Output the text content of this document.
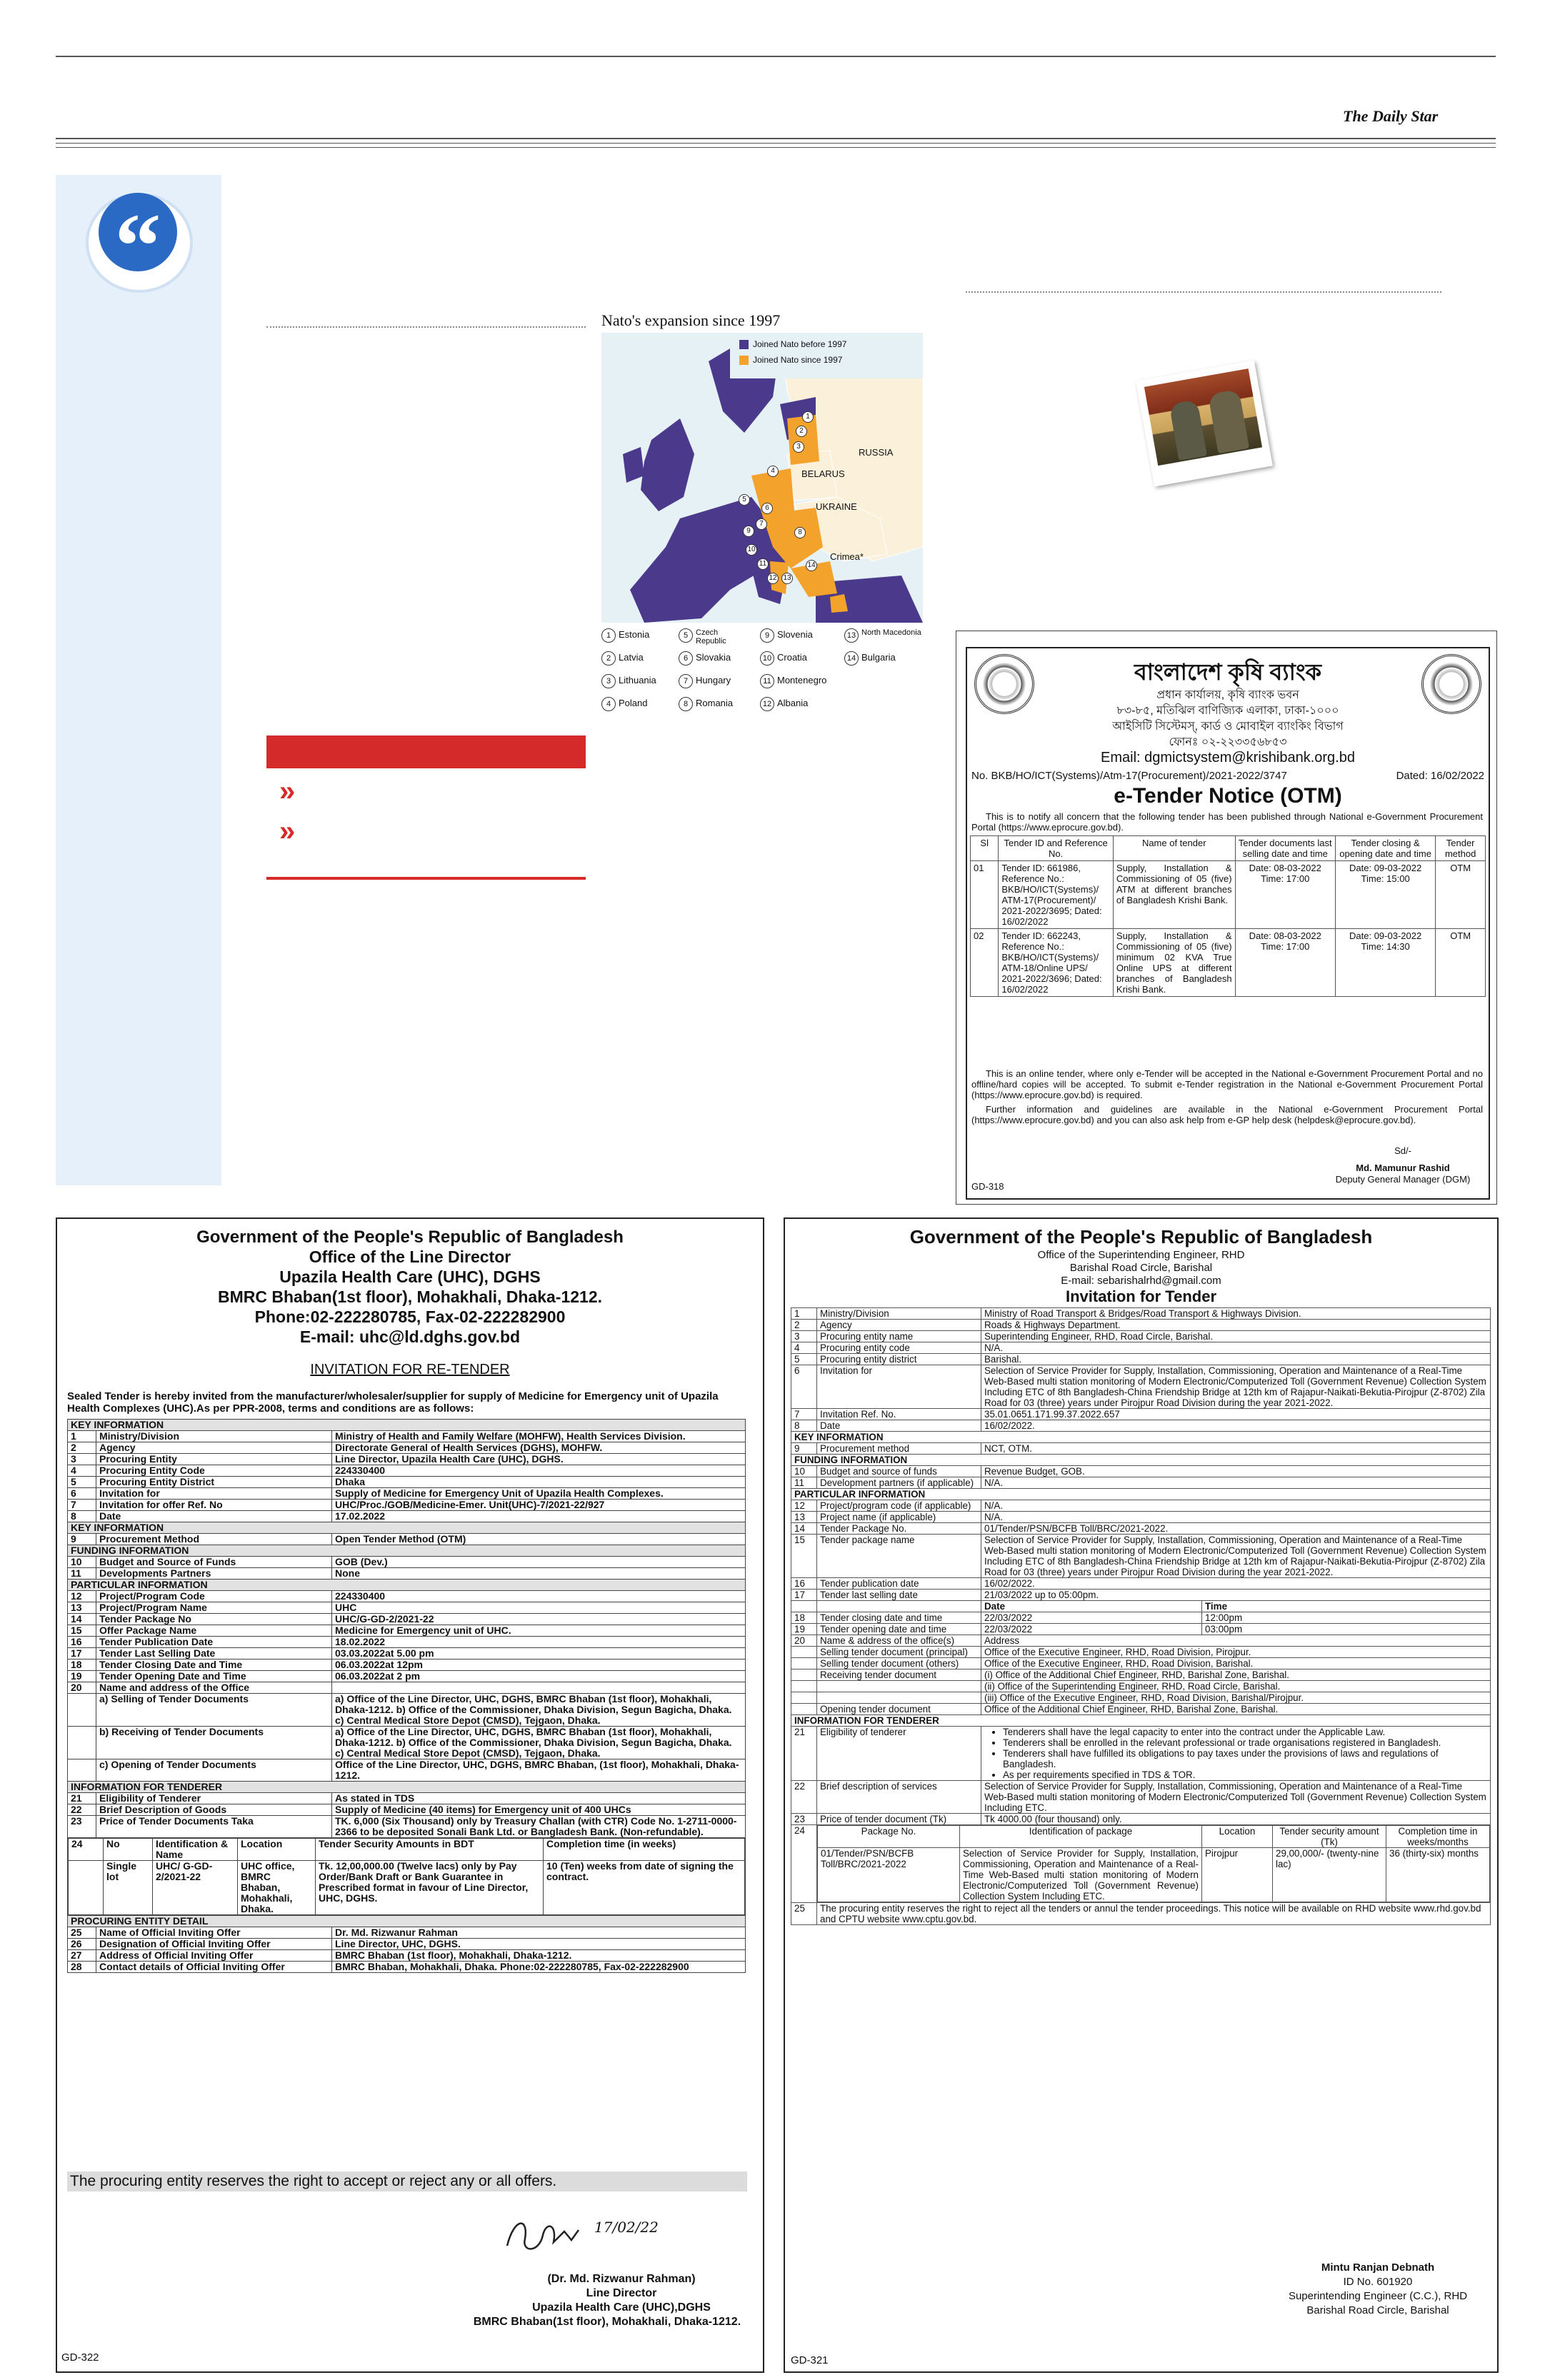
The Daily Star
“
Nato's expansion since 1997
Joined Nato before 1997
Joined Nato since 1997
RUSSIA
BELARUS
UKRAINE
Crimea*
1
2
3
4
5
6
7
8
9
10
11
12 13
14
1 Estonia
2 Latvia
3 Lithuania
4 Poland
5 Czech Republic
6 Slovakia
7 Hungary
8 Romania
9 Slovenia
10 Croatia
11 Montenegro
12 Albania
13 North Macedonia
14 Bulgaria
»
»
বাংলাদেশ কৃষি ব্যাংক
প্রধান কার্যালয়, কৃষি ব্যাংক ভবন
৮৩-৮৫, মতিঝিল বাণিজ্যিক এলাকা, ঢাকা-১০০০
আইসিটি সিস্টেমস্, কার্ড ও মোবাইল ব্যাংকিং বিভাগ
ফোনঃ ০২-২২৩৩৫৬৮৫৩
Email: dgmictsystem@krishibank.org.bd
No. BKB/HO/ICT(Systems)/Atm-17(Procurement)/2021-2022/3747	Dated: 16/02/2022
e-Tender Notice (OTM)
This is to notify all concern that the following tender has been published through National e-Government Procurement Portal (https://www.eprocure.gov.bd).
Sl	Tender ID and Reference No.	Name of tender	Tender documents last selling date and time	Tender closing & opening date and time	Tender method
01	Tender ID: 661986, Reference No.: BKB/HO/ICT(Systems)/ ATM-17(Procurement)/ 2021-2022/3695; Dated: 16/02/2022	Supply, Installation & Commissioning of 05 (five) ATM at different branches of Bangladesh Krishi Bank.	Date: 08-03-2022 Time: 17:00	Date: 09-03-2022 Time: 15:00	OTM
02	Tender ID: 662243, Reference No.: BKB/HO/ICT(Systems)/ ATM-18/Online UPS/ 2021-2022/3696; Dated: 16/02/2022	Supply, Installation & Commissioning of 05 (five) minimum 02 KVA True Online UPS at different branches of Bangladesh Krishi Bank.	Date: 08-03-2022 Time: 17:00	Date: 09-03-2022 Time: 14:30	OTM
This is an online tender, where only e-Tender will be accepted in the National e-Government Procurement Portal and no offline/hard copies will be accepted. To submit e-Tender registration in the National e-Government Procurement Portal (https://www.eprocure.gov.bd) is required.
Further information and guidelines are available in the National e-Government Procurement Portal (https://www.eprocure.gov.bd) and you can also ask help from e-GP help desk (helpdesk@eprocure.gov.bd).
Sd/-
Md. Mamunur Rashid
Deputy General Manager (DGM)
GD-318
Government of the People's Republic of Bangladesh
Office of the Line Director
Upazila Health Care (UHC), DGHS
BMRC Bhaban(1st floor), Mohakhali, Dhaka-1212.
Phone:02-222280785, Fax-02-222282900
E-mail: uhc@ld.dghs.gov.bd
INVITATION FOR RE-TENDER
Sealed Tender is hereby invited from the manufacturer/wholesaler/supplier for supply of Medicine for Emergency unit of Upazila Health Complexes (UHC).As per PPR-2008, terms and conditions are as follows:
KEY INFORMATION
1	Ministry/Division	Ministry of Health and Family Welfare (MOHFW), Health Services Division.
2	Agency	Directorate General of Health Services (DGHS), MOHFW.
3	Procuring Entity	Line Director, Upazila Health Care (UHC), DGHS.
4	Procuring Entity Code	224330400
5	Procuring Entity District	Dhaka
6	Invitation for	Supply of Medicine for Emergency Unit of Upazila Health Complexes.
7	Invitation for offer Ref. No	UHC/Proc./GOB/Medicine-Emer. Unit(UHC)-7/2021-22/927
8	Date	17.02.2022
KEY INFORMATION
9	Procurement Method	Open Tender Method (OTM)
FUNDING INFORMATION
10	Budget and Source of Funds	GOB (Dev.)
11	Developments Partners	None
PARTICULAR INFORMATION
12	Project/Program Code	224330400
13	Project/Program Name	UHC
14	Tender Package No	UHC/G-GD-2/2021-22
15	Offer Package Name	Medicine for Emergency unit of UHC.
16	Tender Publication Date	18.02.2022
17	Tender Last Selling Date	03.03.2022at 5.00 pm
18	Tender Closing Date and Time	06.03.2022at 12pm
19	Tender Opening Date and Time	06.03.2022at 2 pm
20	Name and address of the Office	
	a) Selling of Tender Documents	a) Office of the Line Director, UHC, DGHS, BMRC Bhaban (1st floor), Mohakhali, Dhaka-1212. b) Office of the Commissioner, Dhaka Division, Segun Bagicha, Dhaka. c) Central Medical Store Depot (CMSD), Tejgaon, Dhaka.
	b) Receiving of Tender Documents	a) Office of the Line Director, UHC, DGHS, BMRC Bhaban (1st floor), Mohakhali, Dhaka-1212. b) Office of the Commissioner, Dhaka Division, Segun Bagicha, Dhaka. c) Central Medical Store Depot (CMSD), Tejgaon, Dhaka.
	c) Opening of Tender Documents	Office of the Line Director, UHC, DGHS, BMRC Bhaban, (1st floor), Mohakhali, Dhaka-1212.
INFORMATION FOR TENDERER
21	Eligibility of Tenderer	As stated in TDS
22	Brief Description of Goods	Supply of Medicine (40 items) for Emergency unit of 400 UHCs
23	Price of Tender Documents Taka	TK. 6,000 (Six Thousand) only by Treasury Challan (with CTR) Code No. 1-2711-0000-2366 to be deposited Sonali Bank Ltd. or Bangladesh Bank. (Non-refundable).

24	No	Identification & Name	Location	Tender Security Amounts in BDT	Completion time (in weeks)
	Single lot	UHC/ G-GD-2/2021-22	UHC office, BMRC Bhaban, Mohakhali, Dhaka.	Tk. 12,00,000.00 (Twelve lacs) only by Pay Order/Bank Draft or Bank Guarantee in Prescribed format in favour of Line Director, UHC, DGHS.	10 (Ten) weeks from date of signing the contract.

PROCURING ENTITY DETAIL
25	Name of Official Inviting Offer	Dr. Md. Rizwanur Rahman
26	Designation of Official Inviting Offer	Line Director, UHC, DGHS.
27	Address of Official Inviting Offer	BMRC Bhaban (1st floor), Mohakhali, Dhaka-1212.
28	Contact details of Official Inviting Offer	BMRC Bhaban, Mohakhali, Dhaka. Phone:02-222280785, Fax-02-222282900
The procuring entity reserves the right to accept or reject any or all offers.
17/02/22
(Dr. Md. Rizwanur Rahman)
Line Director
Upazila Health Care (UHC),DGHS
BMRC Bhaban(1st floor), Mohakhali, Dhaka-1212.
GD-322
Government of the People's Republic of Bangladesh
Office of the Superintending Engineer, RHD
Barishal Road Circle, Barishal
E-mail: sebarishalrhd@gmail.com
Invitation for Tender
1	Ministry/Division	Ministry of Road Transport & Bridges/Road Transport & Highways Division.
2	Agency	Roads & Highways Department.
3	Procuring entity name	Superintending Engineer, RHD, Road Circle, Barishal.
4	Procuring entity code	N/A.
5	Procuring entity district	Barishal.
6	Invitation for	Selection of Service Provider for Supply, Installation, Commissioning, Operation and Maintenance of a Real-Time Web-Based multi station monitoring of Modern Electronic/Computerized Toll (Government Revenue) Collection System Including ETC of 8th Bangladesh-China Friendship Bridge at 12th km of Rajapur-Naikati-Bekutia-Pirojpur (Z-8702) Zila Road for 03 (three) years under Pirojpur Road Division during the year 2021-2022.
7	Invitation Ref. No.	35.01.0651.171.99.37.2022.657
8	Date	16/02/2022.
KEY INFORMATION
9	Procurement method	NCT, OTM.
FUNDING INFORMATION
10	Budget and source of funds	Revenue Budget, GOB.
11	Development partners (if applicable)	N/A.
PARTICULAR INFORMATION
12	Project/program code (if applicable)	N/A.
13	Project name (if applicable)	N/A.
14	Tender Package No.	01/Tender/PSN/BCFB Toll/BRC/2021-2022.
15	Tender package name	Selection of Service Provider for Supply, Installation, Commissioning, Operation and Maintenance of a Real-Time Web-Based multi station monitoring of Modern Electronic/Computerized Toll (Government Revenue) Collection System Including ETC of 8th Bangladesh-China Friendship Bridge at 12th km of Rajapur-Naikati-Bekutia-Pirojpur (Z-8702) Zila Road for 03 (three) years under Pirojpur Road Division during the year 2021-2022.
16	Tender publication date	16/02/2022.
17	Tender last selling date	21/03/2022 up to 05:00pm.
		Date	Time
18	Tender closing date and time	22/03/2022	12:00pm
19	Tender opening date and time	22/03/2022	03:00pm
20	Name & address of the office(s)	Address
	Selling tender document (principal)	Office of the Executive Engineer, RHD, Road Division, Pirojpur.
	Selling tender document (others)	Office of the Executive Engineer, RHD, Road Division, Barishal.
	Receiving tender document	(i) Office of the Additional Chief Engineer, RHD, Barishal Zone, Barishal.
		(ii) Office of the Superintending Engineer, RHD, Road Circle, Barishal.
		(iii) Office of the Executive Engineer, RHD, Road Division, Barishal/Pirojpur.
	Opening tender document	Office of the Additional Chief Engineer, RHD, Barishal Zone, Barishal.
INFORMATION FOR TENDERER
21	Eligibility of tenderer	
•Tenderers shall have the legal capacity to enter into the contract under the Applicable Law.
• Tenderers shall be enrolled in the relevant professional or trade organisations registered in Bangladesh.
• Tenderers shall have fulfilled its obligations to pay taxes under the provisions of laws and regulations of Bangladesh.
• As per requirements specified in TDS & TOR.

22	Brief description of services	Selection of Service Provider for Supply, Installation, Commissioning, Operation and Maintenance of a Real-Time Web-Based multi station monitoring of Modern Electronic/Computerized Toll (Government Revenue) Collection System Including ETC.
23	Price of tender document (Tk)	Tk 4000.00 (four thousand) only.
24		Package No.	Identification of package	Location	Tender security amount (Tk)	Completion time in weeks/months
01/Tender/PSN/BCFB Toll/BRC/2021-2022	Selection of Service Provider for Supply, Installation, Commissioning, Operation and Maintenance of a Real-Time Web-Based multi station monitoring of Modern Electronic/Computerized Toll (Government Revenue) Collection System Including ETC.	Pirojpur	29,00,000/- (twenty-nine lac)	36 (thirty-six) months

25	The procuring entity reserves the right to reject all the tenders or annul the tender proceedings. This notice will be available on RHD website www.rhd.gov.bd and CPTU website www.cptu.gov.bd.
Mintu Ranjan Debnath
ID No. 601920
Superintending Engineer (C.C.), RHD
Barishal Road Circle, Barishal
GD-321
